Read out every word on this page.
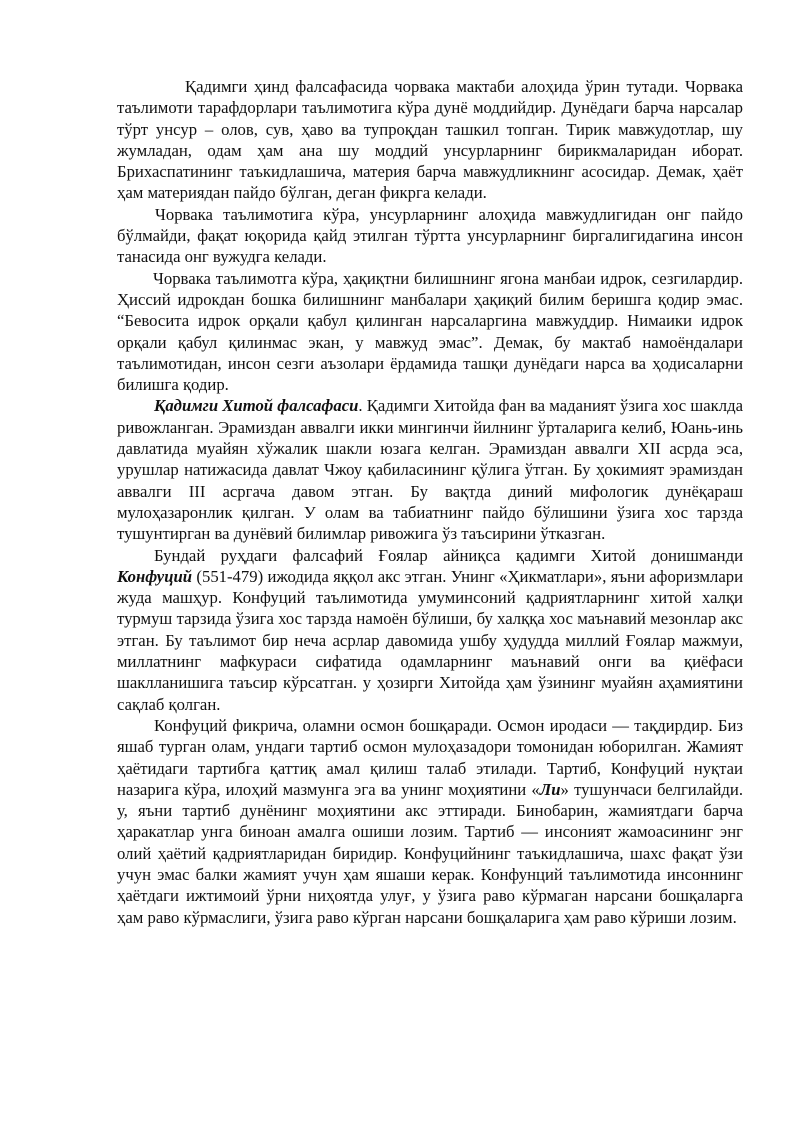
Қадимги ҳинд фалсафасида чорвака мактаби алоҳида ўрин тутади. Чорвака таълимоти тарафдорлари таълимотига кўра дунё моддийдир. Дунёдаги барча нарсалар тўрт унсур – олов, сув, ҳаво ва тупроқдан ташкил топган. Тирик мавжудотлар, шу жумладан, одам ҳам ана шу моддий унсурларнинг бирикмаларидан иборат. Брихаспатининг таъкидлашича, материя барча мавжудликнинг асосидар. Демак, ҳаёт ҳам материядан пайдо бўлган, деган фикрга келади.

Чорвака таълимотига кўра, унсурларнинг алоҳида мавжудлигидан онг пайдо бўлмайди, фақат юқорида қайд этилган тўртта унсурларнинг биргалигидагина инсон танасида онг вужудга келади.

Чорвака таълимотга кўра, ҳақиқтни билишнинг ягона манбаи идрок, сезгилардир. Ҳиссий идрокдан бошка билишнинг манбалари ҳақиқий билим беришга қодир эмас. “Бевосита идрок орқали қабул қилинган нарсаларгина мавжуддир. Нимаики идрок орқали қабул қилинмас экан, у мавжуд эмас”. Демак, бу мактаб намоёндалари таълимотидан, инсон сезги аъзолари ёрдамида ташқи дунёдаги нарса ва ҳодисаларни билишга қодир.

Қадимги Хитой фалсафаси. Қадимги Хитойда фан ва маданият ўзига хос шаклда ривожланган. Эрамиздан аввалги икки мингинчи йилнинг ўрталарига келиб, Юань-инь давлатида муайян хўжалик шакли юзага келган. Эрамиздан аввалги XII асрда эса, урушлар натижасида давлат Чжоу қабиласининг қўлига ўтган. Бу ҳокимият эрамиздан аввалги III асргача давом этган. Бу вақтда диний мифологик дунёқараш мулоҳазаронлик қилган. У олам ва табиатнинг пайдо бўлишини ўзига хос тарзда тушунтирган ва дунёвий билимлар ривожига ўз таъсирини ўтказган.

Бундай руҳдаги фалсафий Ғоялар айниқса қадимги Хитой донишманди Конфуций (551-479) ижодида яққол акс этган. Унинг «Ҳикматлари», яъни афоризмлари жуда машҳур. Конфуций таълимотида умуминсоний қадриятларнинг хитой халқи турмуш тарзида ўзига хос тарзда намоён бўлиши, бу халққа хос маънавий мезонлар акс этган. Бу таълимот бир неча асрлар давомида ушбу ҳудудда миллий Ғоялар мажмуи, миллатнинг мафкураси сифатида одамларнинг маънавий онги ва қиёфаси шаклланишига таъсир кўрсатган. у ҳозирги Хитойда ҳам ўзининг муайян аҳамиятини сақлаб қолган.

Конфуций фикрича, оламни осмон бошқаради. Осмон иродаси — тақдирдир. Биз яшаб турган олам, ундаги тартиб осмон мулоҳазадори томонидан юборилган. Жамият ҳаётидаги тартибга қаттиқ амал қилиш талаб этилади. Тартиб, Конфуций нуқтаи назарига кўра, илоҳий мазмунга эга ва унинг моҳиятини «Ли» тушунчаси белгилайди. у, яъни тартиб дунёнинг моҳиятини акс эттиради. Бинобарин, жамиятдаги барча ҳаракатлар унга биноан амалга ошиши лозим. Тартиб — инсоният жамоасининг энг олий ҳаётий қадриятларидан биридир. Конфуцийнинг таъкидлашича, шахс фақат ўзи учун эмас балки жамият учун ҳам яшаши керак. Конфунций таълимотида инсоннинг ҳаётдаги ижтимоий ўрни ниҳоятда улуғ, у ўзига раво кўрмаган нарсани бошқаларга ҳам раво кўрмаслиги, ўзига раво кўрган нарсани бошқаларига ҳам раво кўриши лозим.
